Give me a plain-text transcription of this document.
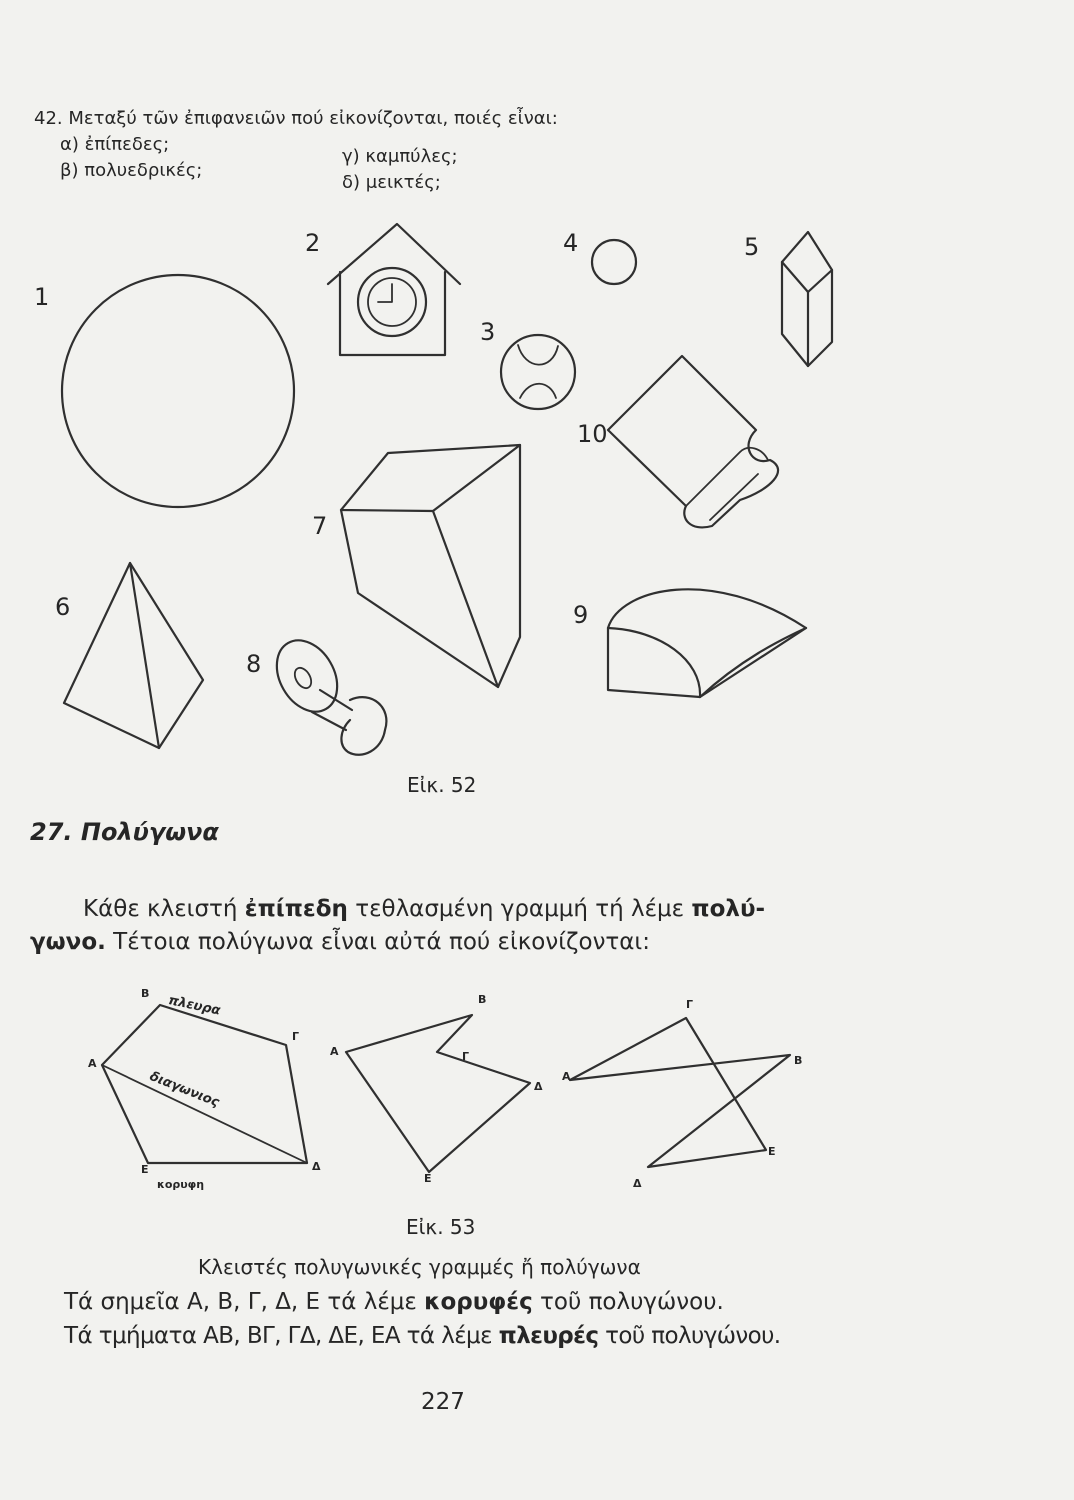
42. Μεταξύ τῶν ἐπιφανειῶν πού εἰκονίζονται, ποιές εἶναι:
α) ἐπίπεδες;
γ) καμπύλες;
β) πολυεδρικές;
δ) μεικτές;
1
2
3
4	5
6
7
8
9
10
Εἰκ. 52
27. Πολύγωνα
Κάθε κλειστή ἐπίπεδη τεθλασμένη γραμμή τή λέμε πολύ-
γωνο. Τέτοια πολύγωνα εἶναι αὐτά πού εἰκονίζονται:
Β πλευρα
Γ
Α
διαγωνιος
Ε
κορυφη
Δ
Β
Α	Γ
Δ
Ε
Γ
Α
Β
Ε
Δ
Εἰκ. 53
Κλειστές πολυγωνικές γραμμές ἤ πολύγωνα
Τά σημεῖα Α, Β, Γ, Δ, Ε τά λέμε κορυφές τοῦ πολυγώνου.
Τά τμήματα ΑΒ, ΒΓ, ΓΔ, ΔΕ, ΕΑ τά λέμε πλευρές τοῦ πολυγώνου.
227
